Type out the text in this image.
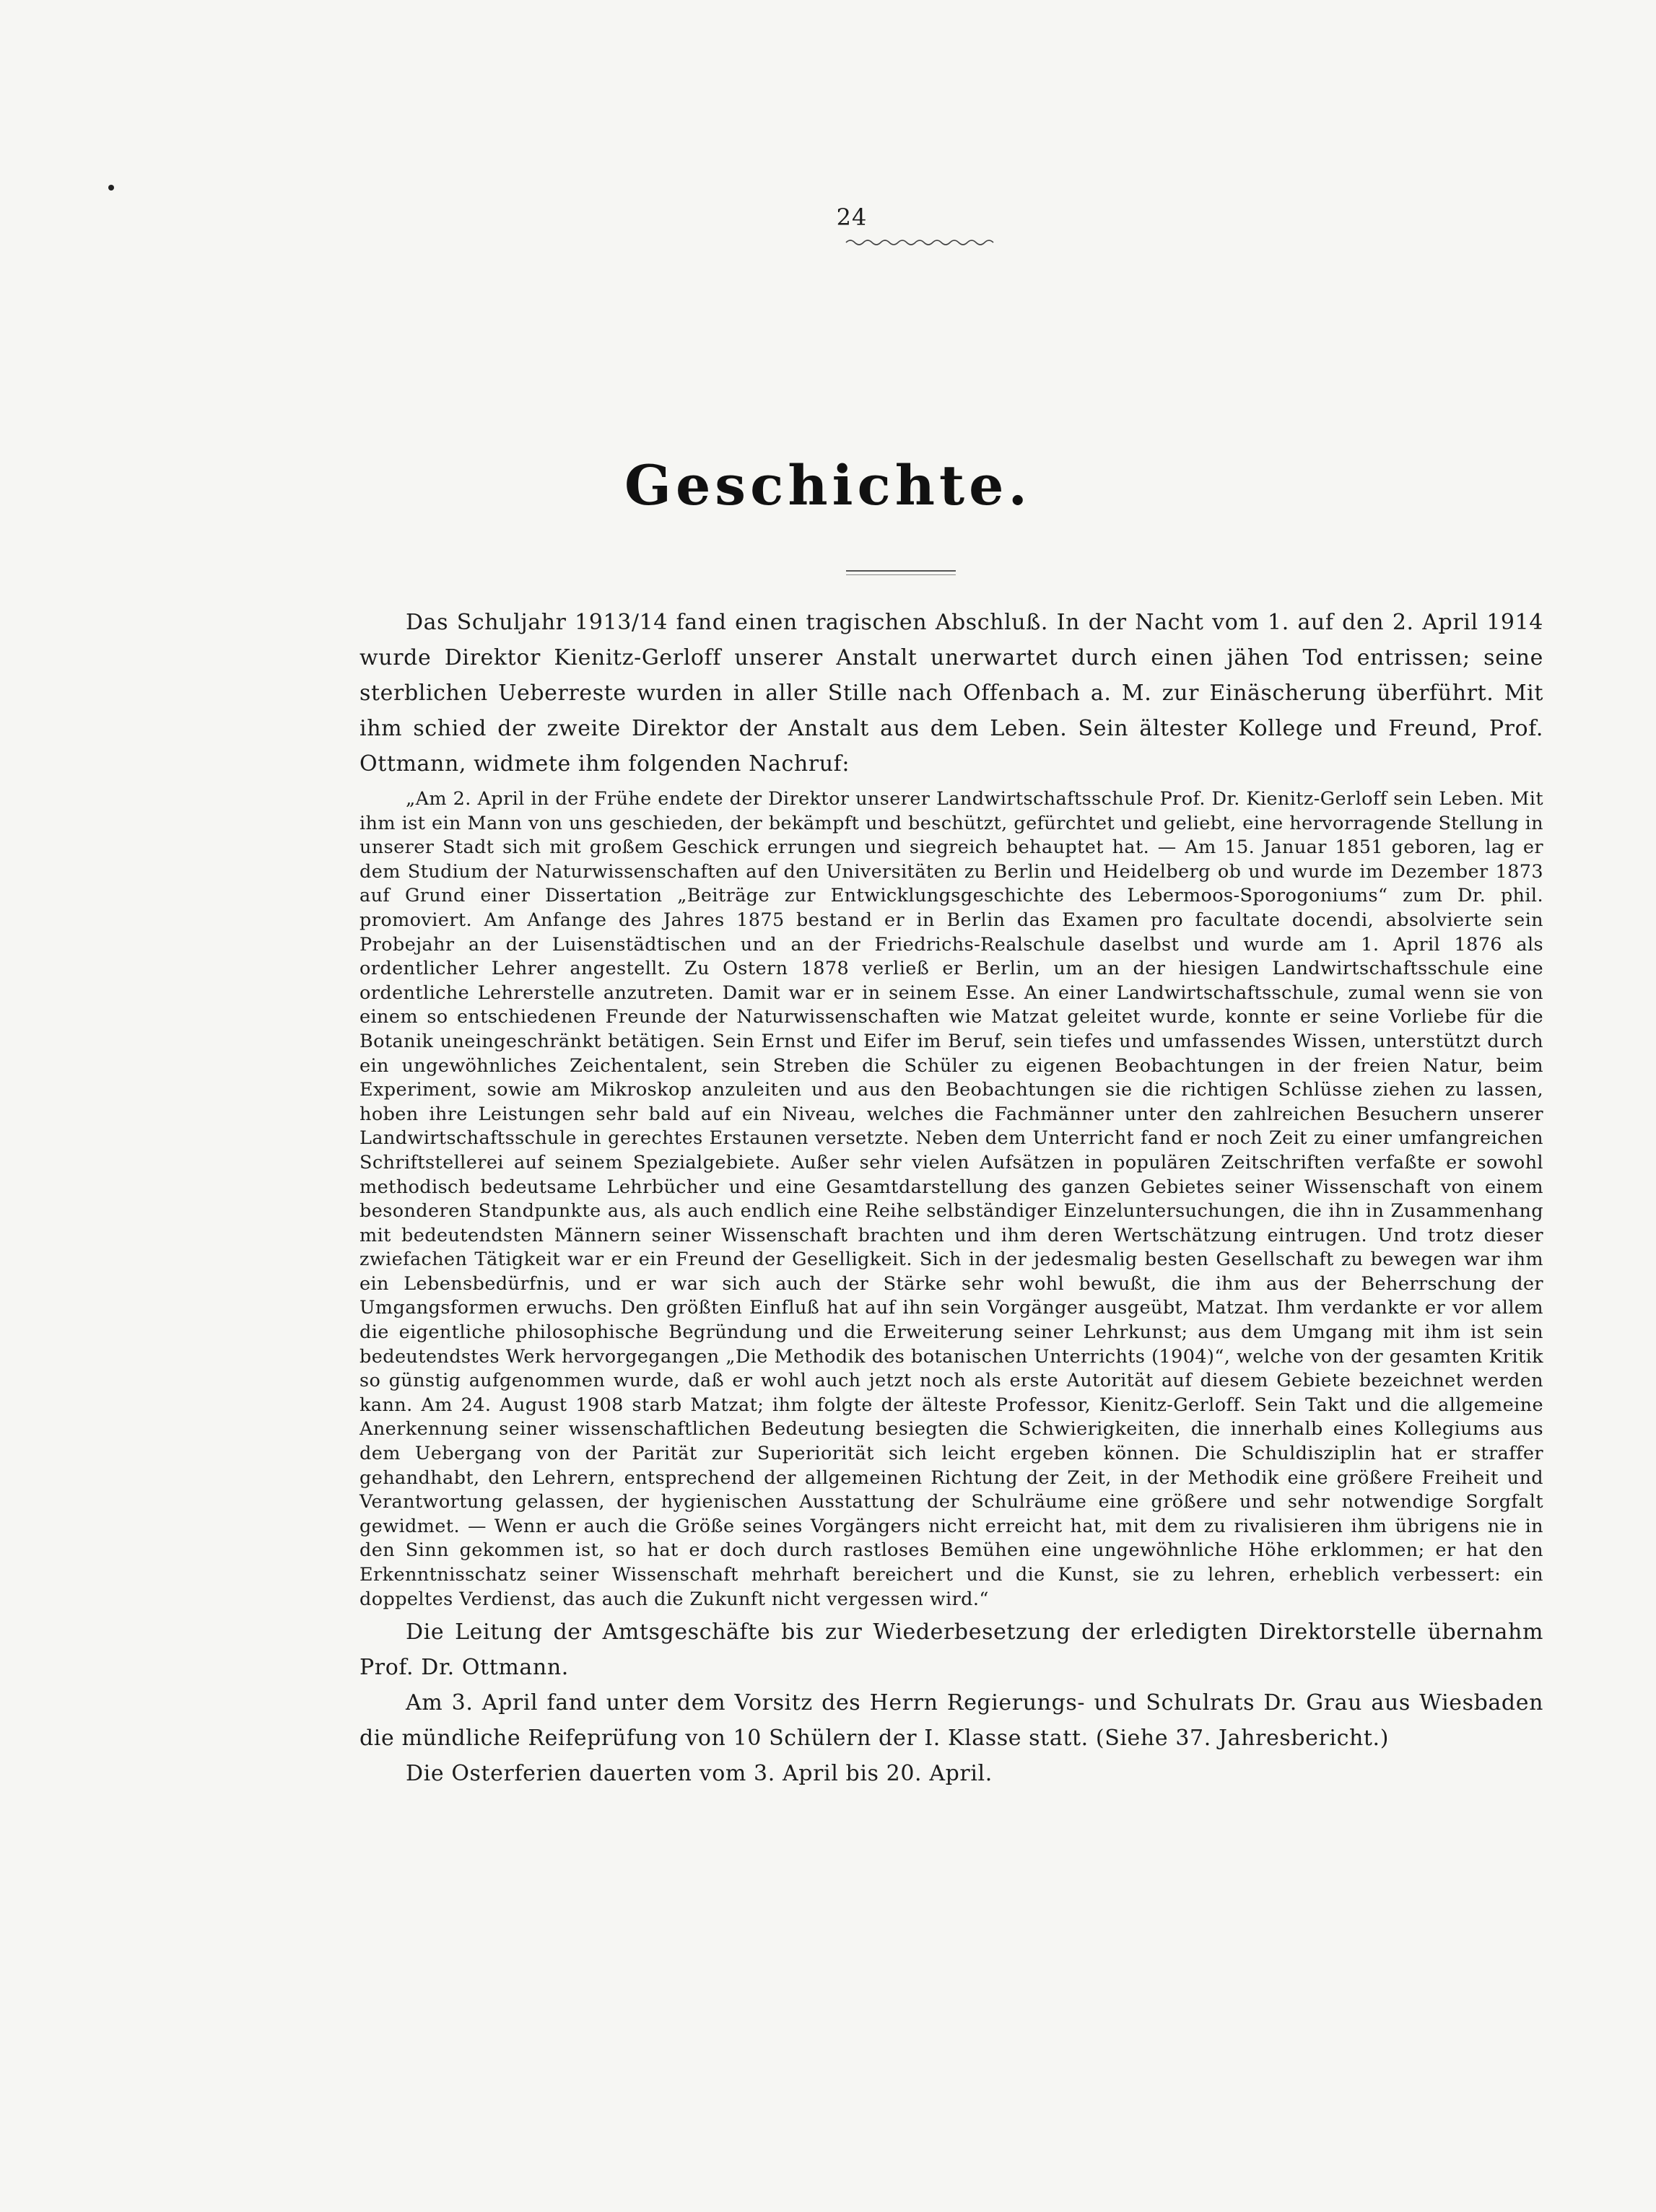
24
Geschichte.

Das Schuljahr 1913/14 fand einen tragischen Abschluß. In der Nacht vom 1. auf den 2. April 1914 wurde Direktor Kienitz-Gerloff unserer Anstalt unerwartet durch einen jähen Tod entrissen; seine sterblichen Ueberreste wurden in aller Stille nach Offenbach a. M. zur Einäscherung überführt. Mit ihm schied der zweite Direktor der Anstalt aus dem Leben. Sein ältester Kollege und Freund, Prof. Ottmann, widmete ihm folgenden Nachruf:

„Am 2. April in der Frühe endete der Direktor unserer Landwirtschaftsschule Prof. Dr. Kienitz-Gerloff sein Leben. Mit ihm ist ein Mann von uns geschieden, der bekämpft und beschützt, gefürchtet und geliebt, eine hervorragende Stellung in unserer Stadt sich mit großem Geschick errungen und siegreich behauptet hat. — Am 15. Januar 1851 geboren, lag er dem Studium der Naturwissenschaften auf den Universitäten zu Berlin und Heidelberg ob und wurde im Dezember 1873 auf Grund einer Dissertation „Beiträge zur Entwicklungsgeschichte des Lebermoos-Sporogoniums“ zum Dr. phil. promoviert. Am Anfange des Jahres 1875 bestand er in Berlin das Examen pro facultate docendi, absolvierte sein Probejahr an der Luisenstädtischen und an der Friedrichs-Realschule daselbst und wurde am 1. April 1876 als ordentlicher Lehrer angestellt. Zu Ostern 1878 verließ er Berlin, um an der hiesigen Landwirtschaftsschule eine ordentliche Lehrerstelle anzutreten. Damit war er in seinem Esse. An einer Landwirtschaftsschule, zumal wenn sie von einem so entschiedenen Freunde der Naturwissenschaften wie Matzat geleitet wurde, konnte er seine Vorliebe für die Botanik uneingeschränkt betätigen. Sein Ernst und Eifer im Beruf, sein tiefes und umfassendes Wissen, unterstützt durch ein ungewöhnliches Zeichentalent, sein Streben die Schüler zu eigenen Beobachtungen in der freien Natur, beim Experiment, sowie am Mikroskop anzuleiten und aus den Beobachtungen sie die richtigen Schlüsse ziehen zu lassen, hoben ihre Leistungen sehr bald auf ein Niveau, welches die Fachmänner unter den zahlreichen Besuchern unserer Landwirtschaftsschule in gerechtes Erstaunen versetzte. Neben dem Unterricht fand er noch Zeit zu einer umfangreichen Schriftstellerei auf seinem Spezialgebiete. Außer sehr vielen Aufsätzen in populären Zeitschriften verfaßte er sowohl methodisch bedeutsame Lehrbücher und eine Gesamtdarstellung des ganzen Gebietes seiner Wissenschaft von einem besonderen Standpunkte aus, als auch endlich eine Reihe selbständiger Einzeluntersuchungen, die ihn in Zusammenhang mit bedeutendsten Männern seiner Wissenschaft brachten und ihm deren Wertschätzung eintrugen. Und trotz dieser zwiefachen Tätigkeit war er ein Freund der Geselligkeit. Sich in der jedesmalig besten Gesellschaft zu bewegen war ihm ein Lebensbedürfnis, und er war sich auch der Stärke sehr wohl bewußt, die ihm aus der Beherrschung der Umgangsformen erwuchs. Den größten Einfluß hat auf ihn sein Vorgänger ausgeübt, Matzat. Ihm verdankte er vor allem die eigentliche philosophische Begründung und die Erweiterung seiner Lehrkunst; aus dem Umgang mit ihm ist sein bedeutendstes Werk hervorgegangen „Die Methodik des botanischen Unterrichts (1904)“, welche von der gesamten Kritik so günstig aufgenommen wurde, daß er wohl auch jetzt noch als erste Autorität auf diesem Gebiete bezeichnet werden kann. Am 24. August 1908 starb Matzat; ihm folgte der älteste Professor, Kienitz-Gerloff. Sein Takt und die allgemeine Anerkennung seiner wissenschaftlichen Bedeutung besiegten die Schwierigkeiten, die innerhalb eines Kollegiums aus dem Uebergang von der Parität zur Superiorität sich leicht ergeben können. Die Schuldisziplin hat er straffer gehandhabt, den Lehrern, entsprechend der allgemeinen Richtung der Zeit, in der Methodik eine größere Freiheit und Verantwortung gelassen, der hygienischen Ausstattung der Schulräume eine größere und sehr notwendige Sorgfalt gewidmet. — Wenn er auch die Größe seines Vorgängers nicht erreicht hat, mit dem zu rivalisieren ihm übrigens nie in den Sinn gekommen ist, so hat er doch durch rastloses Bemühen eine ungewöhnliche Höhe erklommen; er hat den Erkenntnisschatz seiner Wissenschaft mehrhaft bereichert und die Kunst, sie zu lehren, erheblich verbessert: ein doppeltes Verdienst, das auch die Zukunft nicht vergessen wird.“

Die Leitung der Amtsgeschäfte bis zur Wiederbesetzung der erledigten Direktorstelle übernahm Prof. Dr. Ottmann.

Am 3. April fand unter dem Vorsitz des Herrn Regierungs- und Schulrats Dr. Grau aus Wiesbaden die mündliche Reifeprüfung von 10 Schülern der I. Klasse statt. (Siehe 37. Jahresbericht.)

Die Osterferien dauerten vom 3. April bis 20. April.
